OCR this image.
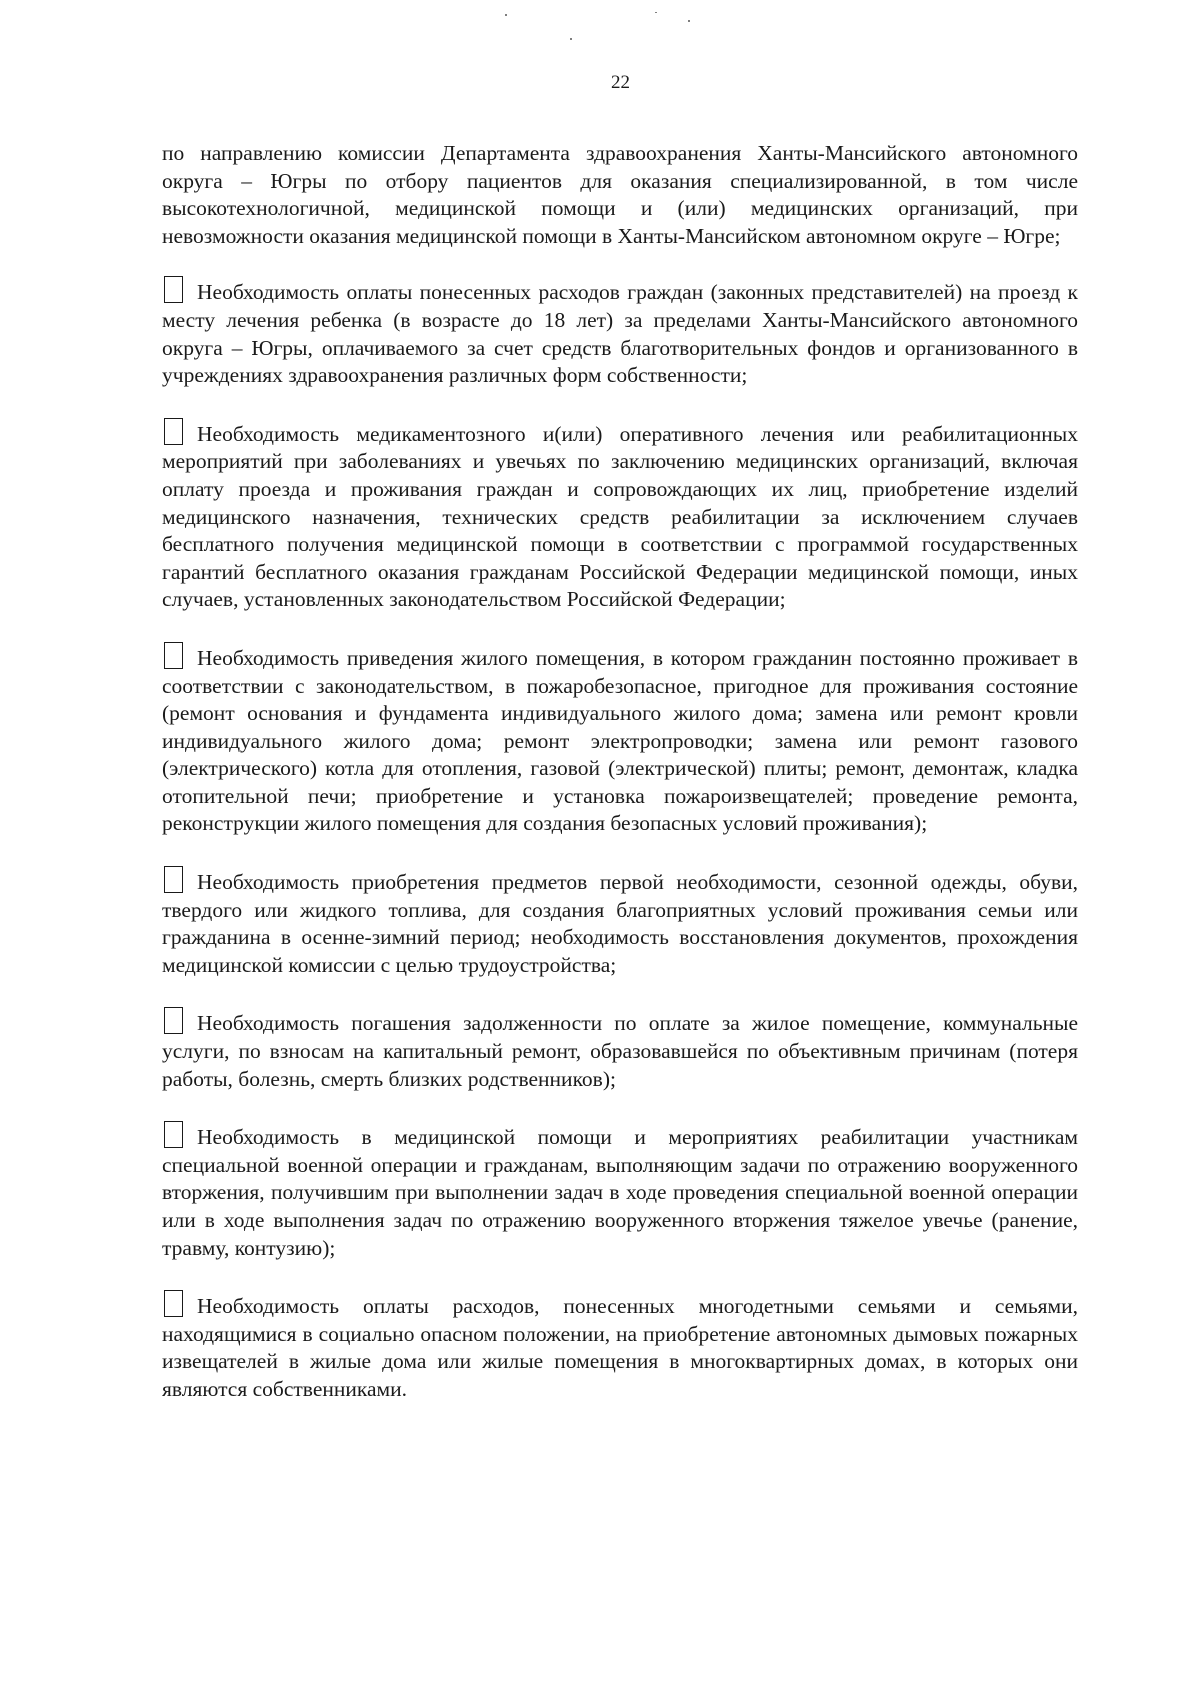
22

по направлению комиссии Департамента здравоохранения Ханты-Мансийского автономного округа – Югры по отбору пациентов для оказания специализированной, в том числе высокотехнологичной, медицинской помощи и (или) медицинских организаций, при невозможности оказания медицинской помощи в Ханты-Мансийском автономном округе – Югре;

Необходимость оплаты понесенных расходов граждан (законных представителей) на проезд к месту лечения ребенка (в возрасте до 18 лет) за пределами Ханты-Мансийского автономного округа – Югры, оплачиваемого за счет средств благотворительных фондов и организованного в учреждениях здравоохранения различных форм собственности;

Необходимость медикаментозного и(или) оперативного лечения или реабилитационных мероприятий при заболеваниях и увечьях по заключению медицинских организаций, включая оплату проезда и проживания граждан и сопровождающих их лиц, приобретение изделий медицинского назначения, технических средств реабилитации за исключением случаев бесплатного получения медицинской помощи в соответствии с программой государственных гарантий бесплатного оказания гражданам Российской Федерации медицинской помощи, иных случаев, установленных законодательством Российской Федерации;

Необходимость приведения жилого помещения, в котором гражданин постоянно проживает в соответствии с законодательством, в пожаробезопасное, пригодное для проживания состояние (ремонт основания и фундамента индивидуального жилого дома; замена или ремонт кровли индивидуального жилого дома; ремонт электропроводки; замена или ремонт газового (электрического) котла для отопления, газовой (электрической) плиты; ремонт, демонтаж, кладка отопительной печи; приобретение и установка пожароизвещателей; проведение ремонта, реконструкции жилого помещения для создания безопасных условий проживания);

Необходимость приобретения предметов первой необходимости, сезонной одежды, обуви, твердого или жидкого топлива, для создания благоприятных условий проживания семьи или гражданина в осенне-зимний период; необходимость восстановления документов, прохождения медицинской комиссии с целью трудоустройства;

Необходимость погашения задолженности по оплате за жилое помещение, коммунальные услуги, по взносам на капитальный ремонт, образовавшейся по объективным причинам (потеря работы, болезнь, смерть близких родственников);

Необходимость в медицинской помощи и мероприятиях реабилитации участникам специальной военной операции и гражданам, выполняющим задачи по отражению вооруженного вторжения, получившим при выполнении задач в ходе проведения специальной военной операции или в ходе выполнения задач по отражению вооруженного вторжения тяжелое увечье (ранение, травму, контузию);

Необходимость оплаты расходов, понесенных многодетными семьями и семьями, находящимися в социально опасном положении, на приобретение автономных дымовых пожарных извещателей в жилые дома или жилые помещения в многоквартирных домах, в которых они являются собственниками.
